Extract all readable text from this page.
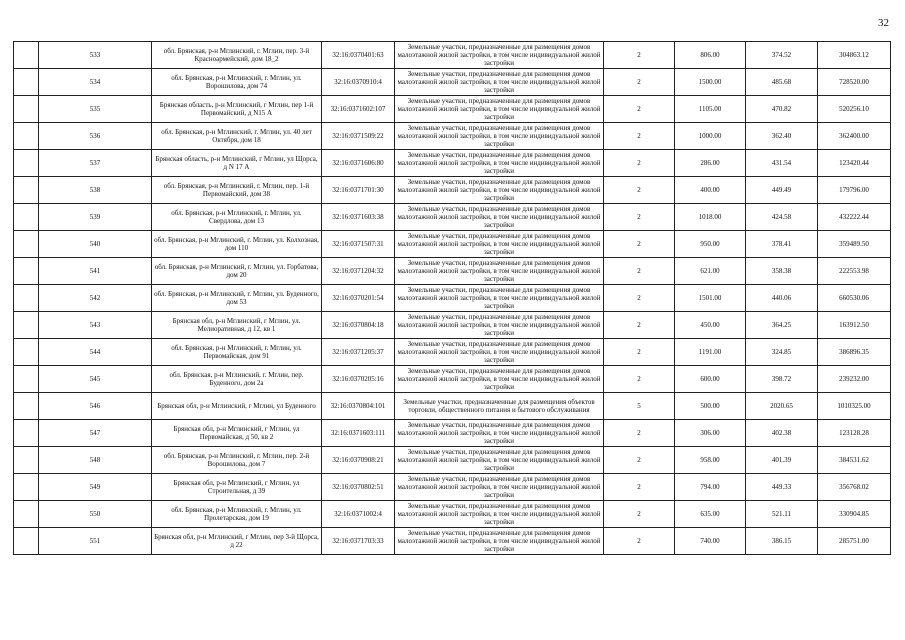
32
	533	обл. Брянская, р-н Мглинский, г. Мглин, пер. 3-й Красноармейский, дом 18_2	32:16:0370401:63	Земельные участки, предназначенные для размещения домов малоэтажной жилой застройки, в том числе индивидуальной жилой застройки	2	806.00	374.52	304863.12
	534	обл. Брянская, р-н Мглинский, г. Мглин, ул. Ворошилова, дом 74	32:16:0370910:4	Земельные участки, предназначенные для размещения домов малоэтажной жилой застройки, в том числе индивидуальной жилой застройки	2	1500.00	485.68	728520.00
	535	Брянская область, р-н Мглинский, г Мглин, пер 1-й Первомайский, д N15 А	32:16:0371602:107	Земельные участки, предназначенные для размещения домов малоэтажной жилой застройки, в том числе индивидуальной жилой застройки	2	1105.00	470.82	520256.10
	536	обл. Брянская, р-н Мглинский, г. Мглин, ул. 40 лет Октября, дом 18	32:16:0371509:22	Земельные участки, предназначенные для размещения домов малоэтажной жилой застройки, в том числе индивидуальной жилой застройки	2	1000.00	362.40	362400.00
	537	Брянская область, р-н Мглинский, г Мглин, ул Щорса, д N 17 А	32:16:0371606:80	Земельные участки, предназначенные для размещения домов малоэтажной жилой застройки, в том числе индивидуальной жилой застройки	2	286.00	431.54	123420.44
	538	обл. Брянская, р-н Мглинский, г. Мглин, пер. 1-й Первомайский, дом 38	32:16:0371701:30	Земельные участки, предназначенные для размещения домов малоэтажной жилой застройки, в том числе индивидуальной жилой застройки	2	400.00	449.49	179796.00
	539	обл. Брянская, р-н Мглинский, г. Мглин, ул. Свердлова, дом 13	32:16:0371603:38	Земельные участки, предназначенные для размещения домов малоэтажной жилой застройки, в том числе индивидуальной жилой застройки	2	1018.00	424.58	432222.44
	540	обл. Брянская, р-н Мглинский, г. Мглин, ул. Колхозная, дом 110	32:16:0371507:31	Земельные участки, предназначенные для размещения домов малоэтажной жилой застройки, в том числе индивидуальной жилой застройки	2	950.00	378.41	359489.50
	541	обл. Брянская, р-н Мглинский, г. Мглин, ул. Горбатова, дом 20	32:16:0371204:32	Земельные участки, предназначенные для размещения домов малоэтажной жилой застройки, в том числе индивидуальной жилой застройки	2	621.00	358.38	222553.98
	542	обл. Брянская, р-н Мглинский, г. Мглин, ул. Буденного, дом 53	32:16:0370201:54	Земельные участки, предназначенные для размещения домов малоэтажной жилой застройки, в том числе индивидуальной жилой застройки	2	1501.00	440.06	660530.06
	543	Брянская обл, р-н Мглинский, г Мглин, ул. Мелиоративная, д 12, кв 1	32:16:0370804:18	Земельные участки, предназначенные для размещения домов малоэтажной жилой застройки, в том числе индивидуальной жилой застройки	2	450.00	364.25	163912.50
	544	обл. Брянская, р-н Мглинский, г. Мглин, ул. Первомайская, дом 91	32:16:0371205:37	Земельные участки, предназначенные для размещения домов малоэтажной жилой застройки, в том числе индивидуальной жилой застройки	2	1191.00	324.85	386896.35
	545	обл. Брянская, р-н Мглинский, г. Мглин, пер. Буденного, дом 2а	32:16:0370205:16	Земельные участки, предназначенные для размещения домов малоэтажной жилой застройки, в том числе индивидуальной жилой застройки	2	600.00	398.72	239232.00
	546	Брянская обл, р-н Мглинский, г Мглин, ул Буденного	32:16:0370804:101	Земельные участки, предназначенные для размещения объектов торговли, общественного питания и бытового обслуживания	5	500.00	2020.65	1010325.00
	547	Брянская обл, р-н Мглинский, г Мглин, ул Первомайская, д 50, кв 2	32:16:0371603:111	Земельные участки, предназначенные для размещения домов малоэтажной жилой застройки, в том числе индивидуальной жилой застройки	2	306.00	402.38	123128.28
	548	обл. Брянская, р-н Мглинский, г. Мглин, пер. 2-й Ворошилова, дом 7	32:16:0370908:21	Земельные участки, предназначенные для размещения домов малоэтажной жилой застройки, в том числе индивидуальной жилой застройки	2	958.00	401.39	384531.62
	549	Брянская обл, р-н Мглинский, г Мглин, ул Строительная, д 39	32:16:0370802:51	Земельные участки, предназначенные для размещения домов малоэтажной жилой застройки, в том числе индивидуальной жилой застройки	2	794.00	449.33	356768.02
	550	обл. Брянская, р-н Мглинский, г. Мглин, ул. Пролетарская, дом 19	32:16:0371002:4	Земельные участки, предназначенные для размещения домов малоэтажной жилой застройки, в том числе индивидуальной жилой застройки	2	635.00	521.11	330904.85
	551	Брянская обл, р-н Мглинский, г Мглин, пер 3-й Щорса, д 22	32:16:0371703:33	Земельные участки, предназначенные для размещения домов малоэтажной жилой застройки, в том числе индивидуальной жилой застройки	2	740.00	386.15	285751.00
